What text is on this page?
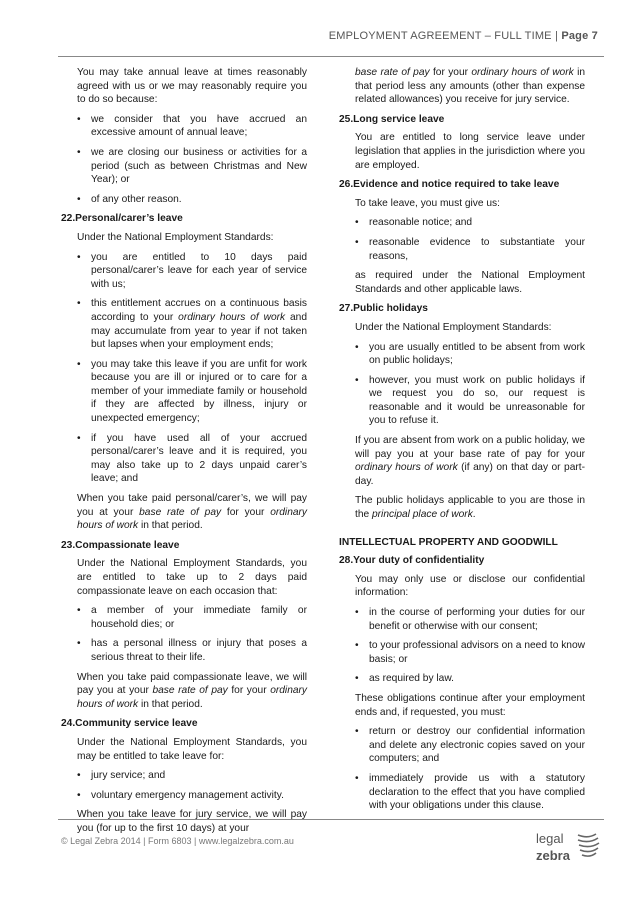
EMPLOYMENT AGREEMENT – FULL TIME | Page 7

You may take annual leave at times reasonably agreed with us or we may reasonably require you to do so because:

• we consider that you have accrued an excessive amount of annual leave;
• we are closing our business or activities for a period (such as between Christmas and New Year); or
• of any other reason.
22.Personal/carer’s leave

Under the National Employment Standards:

• you are entitled to 10 days paid personal/carer’s leave for each year of service with us;
• this entitlement accrues on a continuous basis according to your ordinary hours of work and may accumulate from year to year if not taken but lapses when your employment ends;
• you may take this leave if you are unfit for work because you are ill or injured or to care for a member of your immediate family or household if they are affected by illness, injury or unexpected emergency;
• if you have used all of your accrued personal/carer’s leave and it is required, you may also take up to 2 days unpaid carer’s leave; and

When you take paid personal/carer’s, we will pay you at your base rate of pay for your ordinary hours of work in that period.

23.Compassionate leave

Under the National Employment Standards, you are entitled to take up to 2 days paid compassionate leave on each occasion that:

• a member of your immediate family or household dies; or
• has a personal illness or injury that poses a serious threat to their life.

When you take paid compassionate leave, we will pay you at your base rate of pay for your ordinary hours of work in that period.

24.Community service leave

Under the National Employment Standards, you may be entitled to take leave for:

• jury service; and
• voluntary emergency management activity.

When you take leave for jury service, we will pay you (for up to the first 10 days) at your

base rate of pay for your ordinary hours of work in that period less any amounts (other than expense related allowances) you receive for jury service.

25.Long service leave

You are entitled to long service leave under legislation that applies in the jurisdiction where you are employed.

26.Evidence and notice required to take leave

To take leave, you must give us:

• reasonable notice; and
• reasonable evidence to substantiate your reasons,

as required under the National Employment Standards and other applicable laws.

27.Public holidays

Under the National Employment Standards:

• you are usually entitled to be absent from work on public holidays;
• however, you must work on public holidays if we request you do so, our request is reasonable and it would be unreasonable for you to refuse it.

If you are absent from work on a public holiday, we will pay you at your base rate of pay for your ordinary hours of work (if any) on that day or part-day.

The public holidays applicable to you are those in the principal place of work.

INTELLECTUAL PROPERTY AND GOODWILL
28.Your duty of confidentiality

You may only use or disclose our confidential information:

• in the course of performing your duties for our benefit or otherwise with our consent;
• to your professional advisors on a need to know basis; or
• as required by law.

These obligations continue after your employment ends and, if requested, you must:

• return or destroy our confidential information and delete any electronic copies saved on your computers; and
• immediately provide us with a statutory declaration to the effect that you have complied with your obligations under this clause.
© Legal Zebra 2014 | Form 6803 | www.legalzebra.com.au	legal
zebra
